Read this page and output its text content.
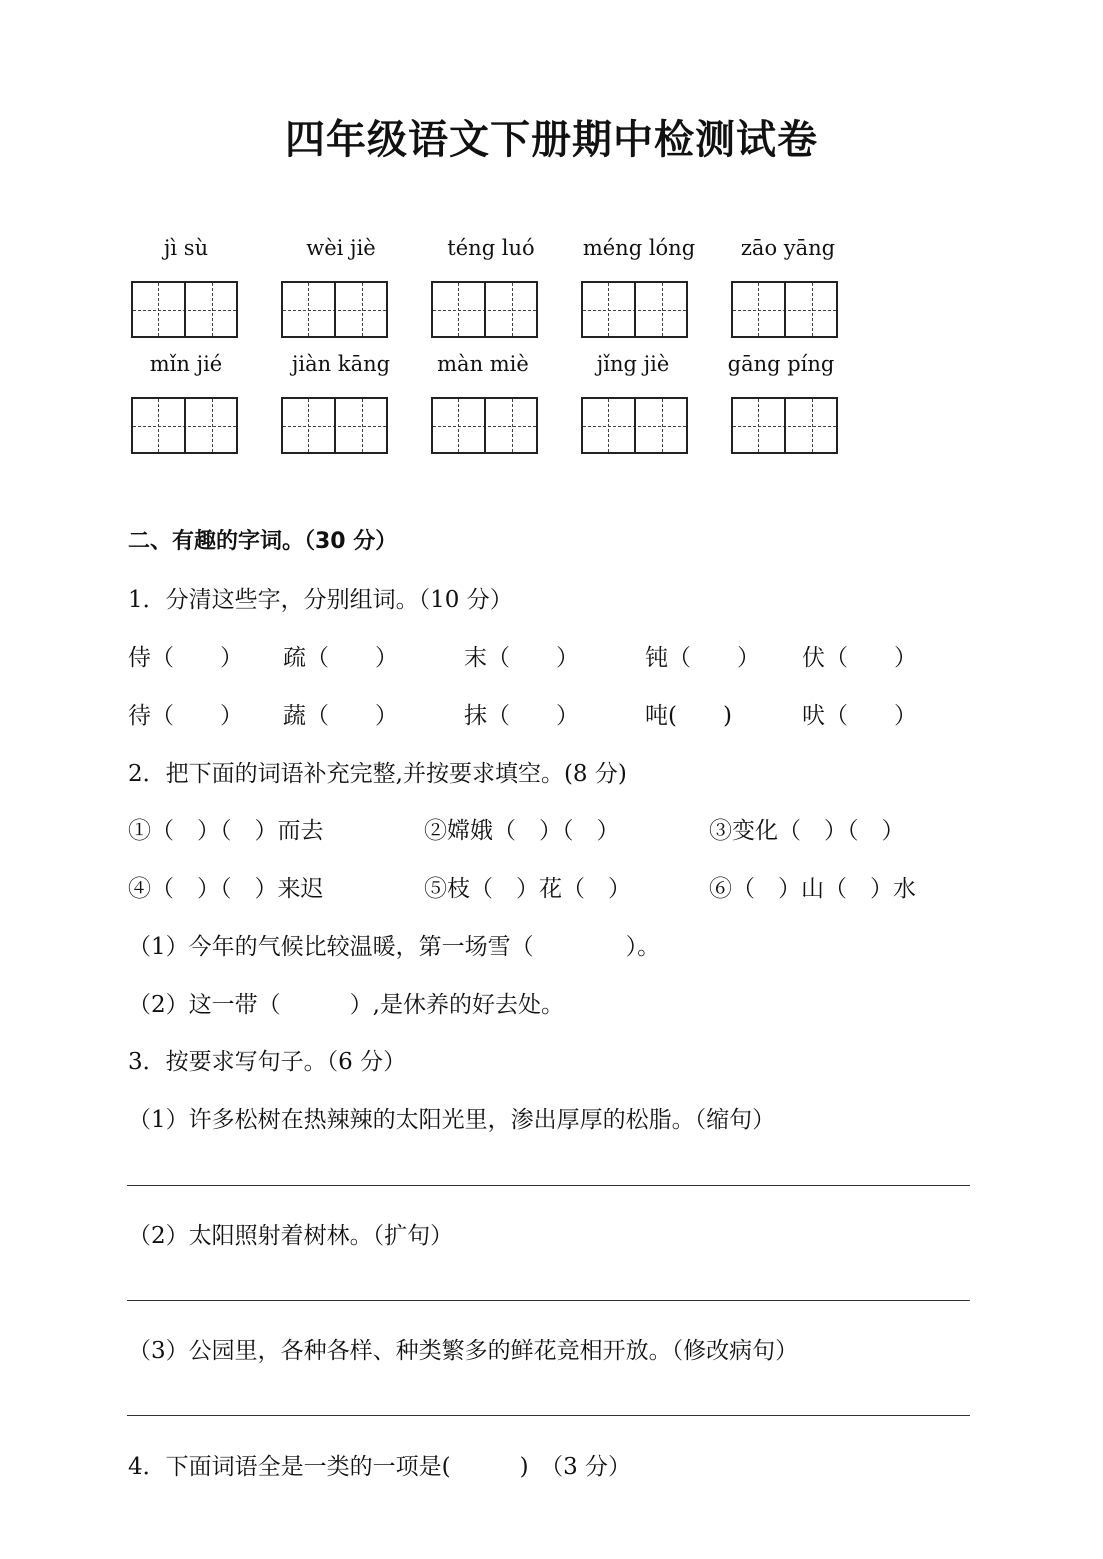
四年级语文下册期中检测试卷
jì sù	wèi jiè	téng luó	méng lóng	zāo yāng
mǐn jié	jiàn kāng	màn miè	jǐng jiè	gāng píng
二、有趣的字词。（30 分）
1．分清这些字，分别组词。（10 分）
侍（　　） 疏（　　）	末（　　）	钝（　　） 伏（　　）
待（　　） 蔬（　　）	抹（　　）	吨(　　)	吠（　　）
2．把下面的词语补充完整,并按要求填空。(8 分)
①（　）（　）而去	②嫦娥（　）（　）	③变化（　）（　）
④（　）（　）来迟	⑤枝（　）花（　）	⑥（　）山（　）水
（1）今年的气候比较温暖，第一场雪（　　　　）。
（2）这一带（　　　）,是休养的好去处。
3．按要求写句子。（6 分）
（1）许多松树在热辣辣的太阳光里，渗出厚厚的松脂。（缩句）
（2）太阳照射着树林。（扩句）
（3）公园里，各种各样、种类繁多的鲜花竞相开放。（修改病句）
4．下面词语全是一类的一项是(　　　)　（3 分）
